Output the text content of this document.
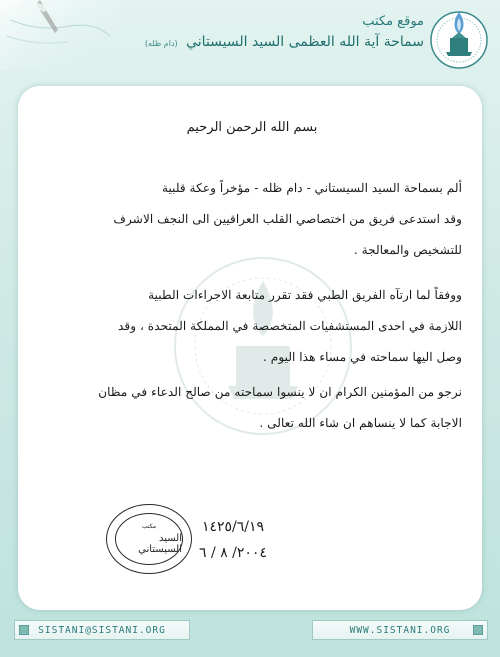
موقع مكتب
سماحة آية الله العظمى السيد السيستاني (دام ظله)
بسم الله الرحمن الرحيم
ألم بسماحة السيد السيستاني - دام ظله - مؤخراً وعكة قلبية
وقد استدعى فريق من اختصاصي القلب العراقيين الى النجف الاشرف
للتشخيص والمعالجة .
ووفقاً لما ارتآه الفريق الطبي فقد تقرر متابعة الاجراءات الطبية
اللازمة في احدى المستشفيات المتخصصة في المملكة المتحدة ، وقد
وصل اليها سماحته في مساء هذا اليوم .
نرجو من المؤمنين الكرام ان لا ينسوا سماحته من صالح الدعاء في مظان
الاجابة كما لا ينساهم ان شاء الله تعالى .
مكتب
السيد السيستاني
١٤٢٥/٦/١٩
٢٠٠٤/ ٨ / ٦
SISTANI@SISTANI.ORG	WWW.SISTANI.ORG
